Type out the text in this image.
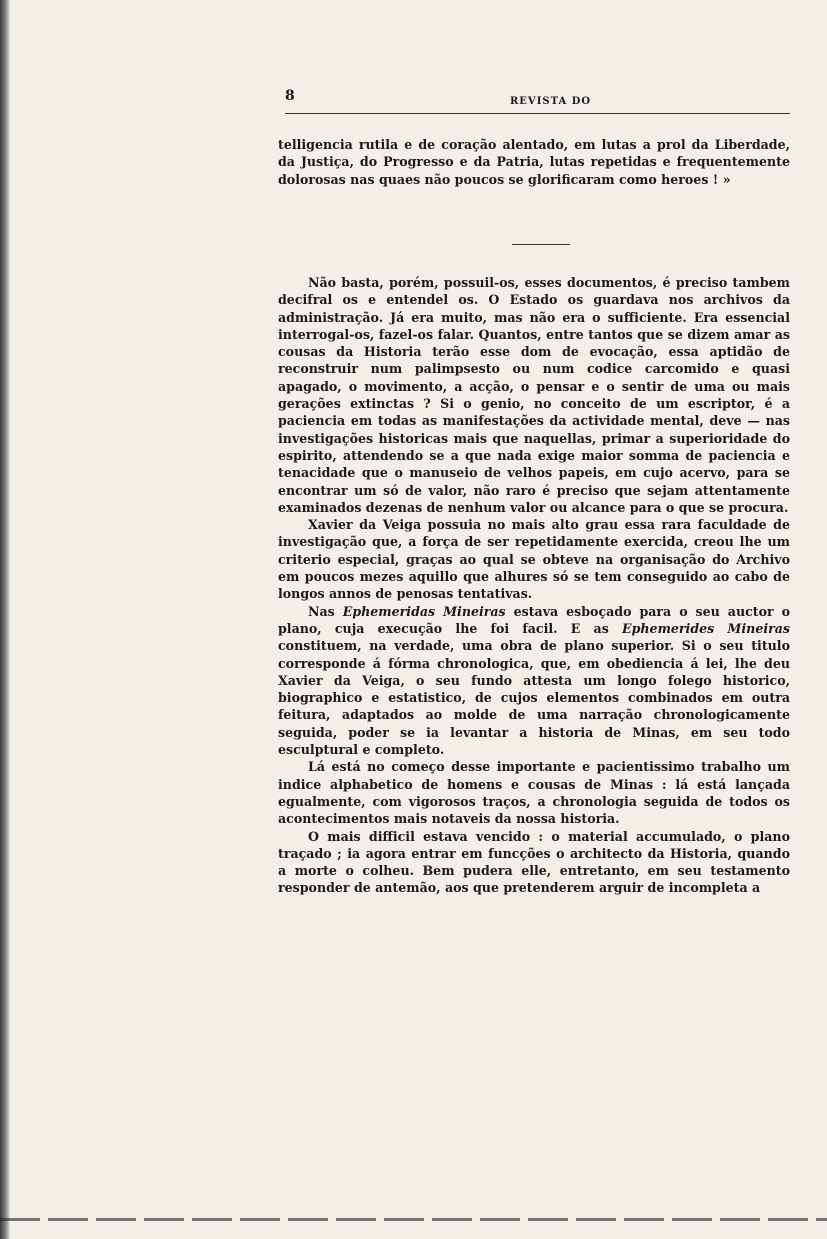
8	REVISTA DO

telligencia rutila e de coração alentado, em lutas a prol da Liberdade, da Justiça, do Progresso e da Patria, lutas repetidas e frequentemente dolorosas nas quaes não poucos se glorificaram como heroes ! »

Não basta, porém, possuil-os, esses documentos, é preciso tambem decifral os e entendel os. O Estado os guardava nos archivos da administração. Já era muito, mas não era o sufficiente. Era essencial interrogal-os, fazel-os falar. Quantos, entre tantos que se dizem amar as cousas da Historia terão esse dom de evocação, essa aptidão de reconstruir num palimpsesto ou num codice carcomido e quasi apagado, o movimento, a acção, o pensar e o sentir de uma ou mais gerações extinctas ? Si o genio, no conceito de um escriptor, é a paciencia em todas as manifestações da actividade mental, deve — nas investigações historicas mais que naquellas, primar a superioridade do espirito, attendendo se a que nada exige maior somma de paciencia e tenacidade que o manuseio de velhos papeis, em cujo acervo, para se encontrar um só de valor, não raro é preciso que sejam attentamente examinados dezenas de nenhum valor ou alcance para o que se procura.

Xavier da Veiga possuia no mais alto grau essa rara faculdade de investigação que, a força de ser repetidamente exercida, creou lhe um criterio especial, graças ao qual se obteve na organisação do Archivo em poucos mezes aquillo que alhures só se tem conseguido ao cabo de longos annos de penosas tentativas.

Nas Ephemeridas Mineiras estava esboçado para o seu auctor o plano, cuja execução lhe foi facil. E as Ephemerides Mineiras constituem, na verdade, uma obra de plano superior. Si o seu titulo corresponde á fórma chronologica, que, em obediencia á lei, lhe deu Xavier da Veiga, o seu fundo attesta um longo folego historico, biographico e estatistico, de cujos elementos combinados em outra feitura, adaptados ao molde de uma narração chronologicamente seguida, poder se ia levantar a historia de Minas, em seu todo esculptural e completo.

Lá está no começo desse importante e pacientissimo trabalho um indice alphabetico de homens e cousas de Minas : lá está lançada egualmente, com vigorosos traços, a chronologia seguida de todos os acontecimentos mais notaveis da nossa historia.

O mais difficil estava vencido : o material accumulado, o plano traçado ; ia agora entrar em funcções o architecto da Historia, quando a morte o colheu. Bem pudera elle, entretanto, em seu testamento responder de antemão, aos que pretenderem arguir de incompleta a
